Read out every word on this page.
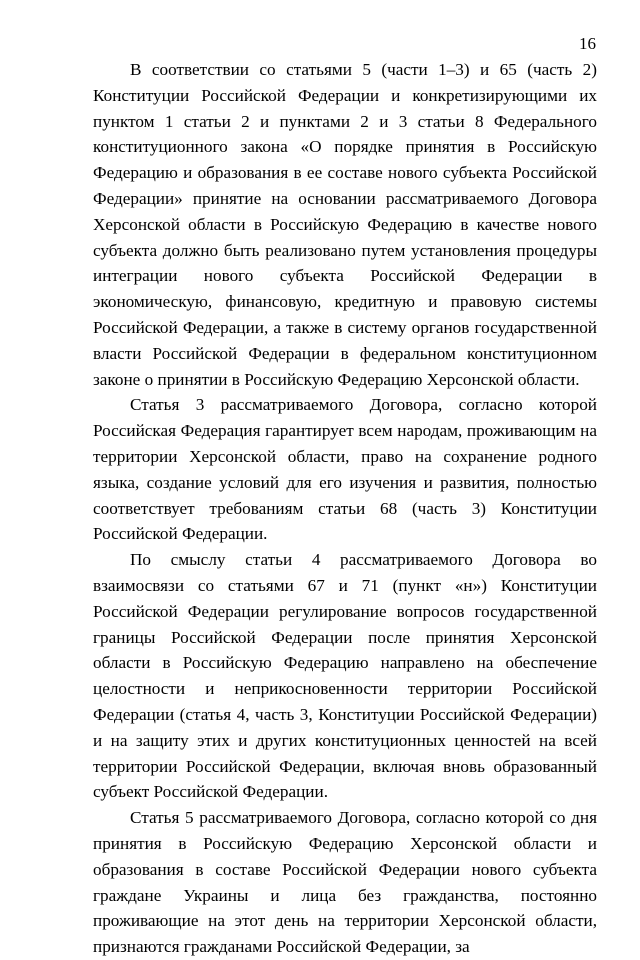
16

В соответствии со статьями 5 (части 1–3) и 65 (часть 2) Конституции Российской Федерации и конкретизирующими их пунктом 1 статьи 2 и пунктами 2 и 3 статьи 8 Федерального конституционного закона «О порядке принятия в Российскую Федерацию и образования в ее составе нового субъекта Российской Федерации» принятие на основании рассматриваемого Договора Херсонской области в Российскую Федерацию в качестве нового субъекта должно быть реализовано путем установления процедуры интеграции нового субъекта Российской Федерации в экономическую, финансовую, кредитную и правовую системы Российской Федерации, а также в систему органов государственной власти Российской Федерации в федеральном конституционном законе о принятии в Российскую Федерацию Херсонской области.

Статья 3 рассматриваемого Договора, согласно которой Российская Федерация гарантирует всем народам, проживающим на территории Херсонской области, право на сохранение родного языка, создание условий для его изучения и развития, полностью соответствует требованиям статьи 68 (часть 3) Конституции Российской Федерации.

По смыслу статьи 4 рассматриваемого Договора во взаимосвязи со статьями 67 и 71 (пункт «н») Конституции Российской Федерации регулирование вопросов государственной границы Российской Федерации после принятия Херсонской области в Российскую Федерацию направлено на обеспечение целостности и неприкосновенности территории Российской Федерации (статья 4, часть 3, Конституции Российской Федерации) и на защиту этих и других конституционных ценностей на всей территории Российской Федерации, включая вновь образованный субъект Российской Федерации.

Статья 5 рассматриваемого Договора, согласно которой со дня принятия в Российскую Федерацию Херсонской области и образования в составе Российской Федерации нового субъекта граждане Украины и лица без гражданства, постоянно проживающие на этот день на территории Херсонской области, признаются гражданами Российской Федерации, за
